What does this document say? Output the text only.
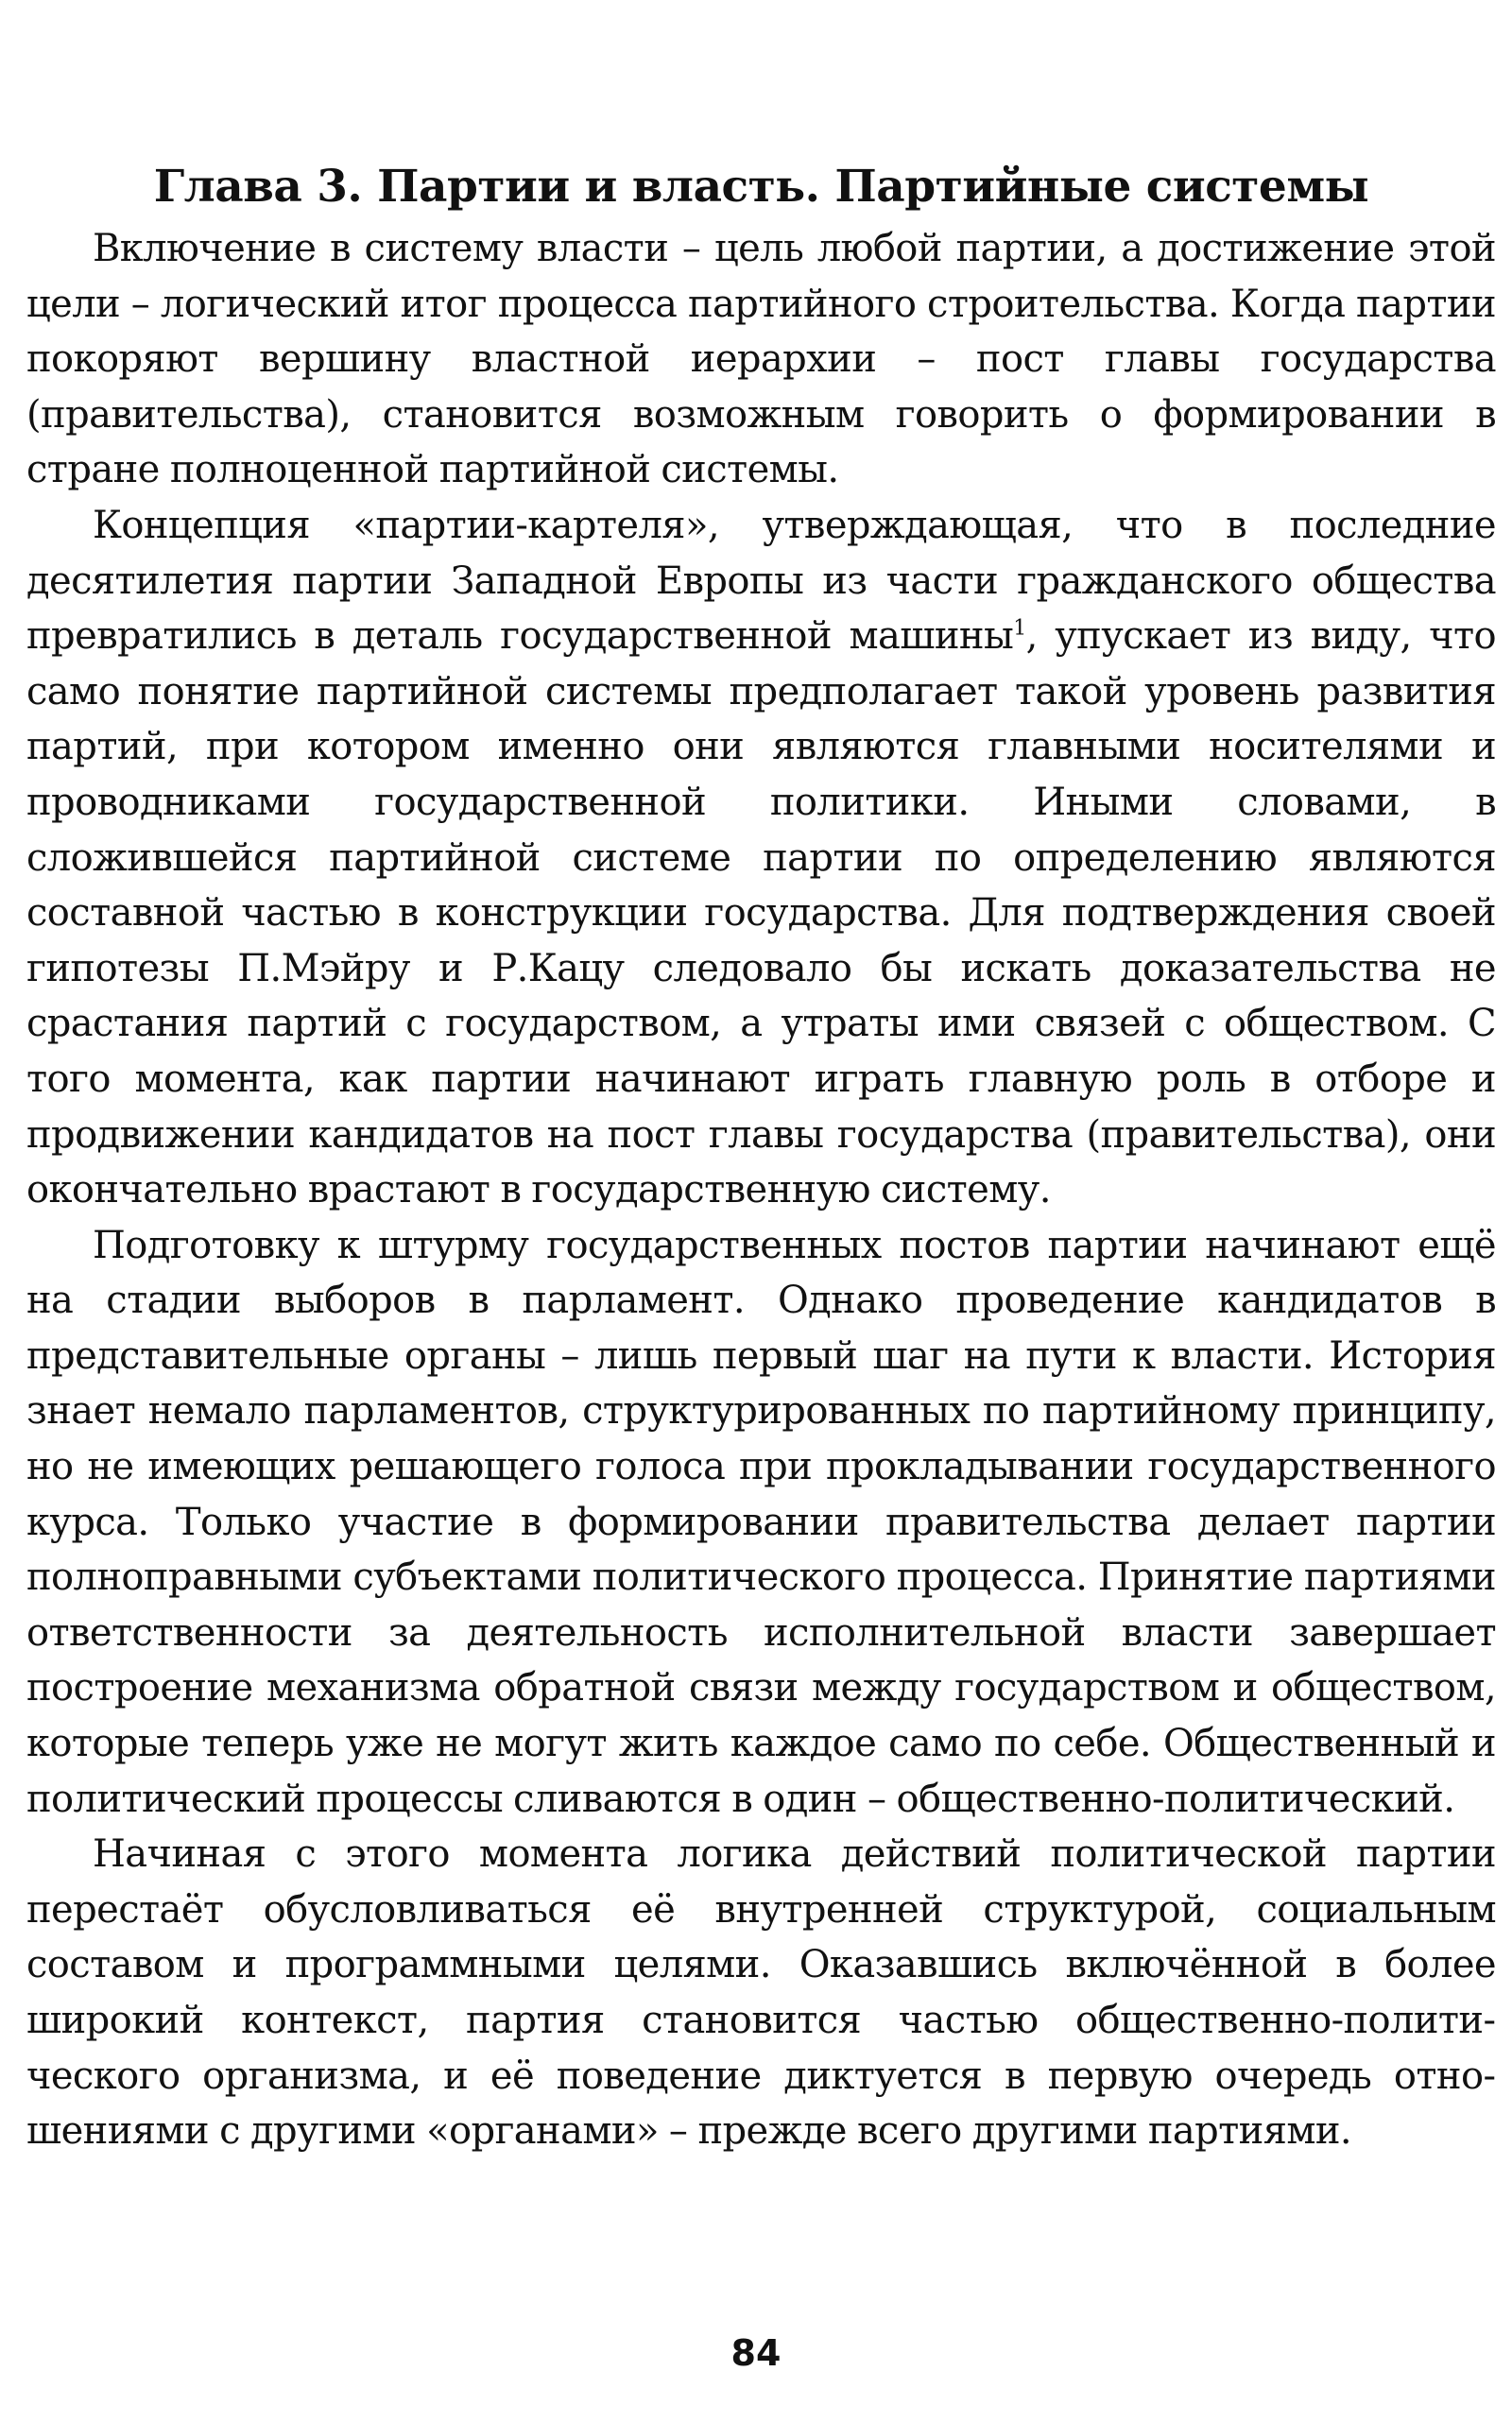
Глава 3. Партии и власть. Партийные системы

Включение в систему власти – цель любой партии, а достижение этой цели – логический итог процесса партийного строительства. Когда партии покоряют вершину властной иерархии – пост главы государства (правительства), становится возможным говорить о формировании в стране полноценной партийной системы.

Концепция «партии-картеля», утверждающая, что в последние десятилетия партии Западной Европы из части гражданского общества превратились в деталь государственной машины$^1$, упускает из виду, что само понятие партийной системы предполагает такой уровень развития партий, при котором именно они являются главными носителями и проводниками государственной политики. Иными словами, в сложившейся партийной системе партии по определению являются составной частью в конструкции государства. Для подтверждения своей гипотезы П.Мэйру и Р.Кацу следовало бы искать доказательства не срастания партий с государством, а утраты ими связей с обществом. С того момента, как партии начинают играть главную роль в отборе и продвижении кандидатов на пост главы государства (правительства), они окончательно врастают в государственную систему.

Подготовку к штурму государственных постов партии начинают ещё на стадии выборов в парламент. Однако проведение кандидатов в представительные органы – лишь первый шаг на пути к власти. История знает немало парламентов, структурированных по партийному принципу, но не имеющих решающего голоса при прокладывании государственного курса. Только участие в формировании правительства делает партии полноправными субъектами политического процесса. Принятие партиями ответственности за деятельность исполнительной власти завершает построение механизма обратной связи между государством и обществом, которые теперь уже не могут жить каждое само по себе. Общественный и политический процессы сливаются в один – общественно-политический.

Начиная с этого момента логика действий политической партии перестаёт обусловливаться её внутренней структурой, социальным составом и программными целями. Оказавшись включённой в более широкий контекст, партия становится частью общественно-политического организма, и её поведение диктуется в первую очередь отношениями с другими «органами» – прежде всего другими партиями.

84
